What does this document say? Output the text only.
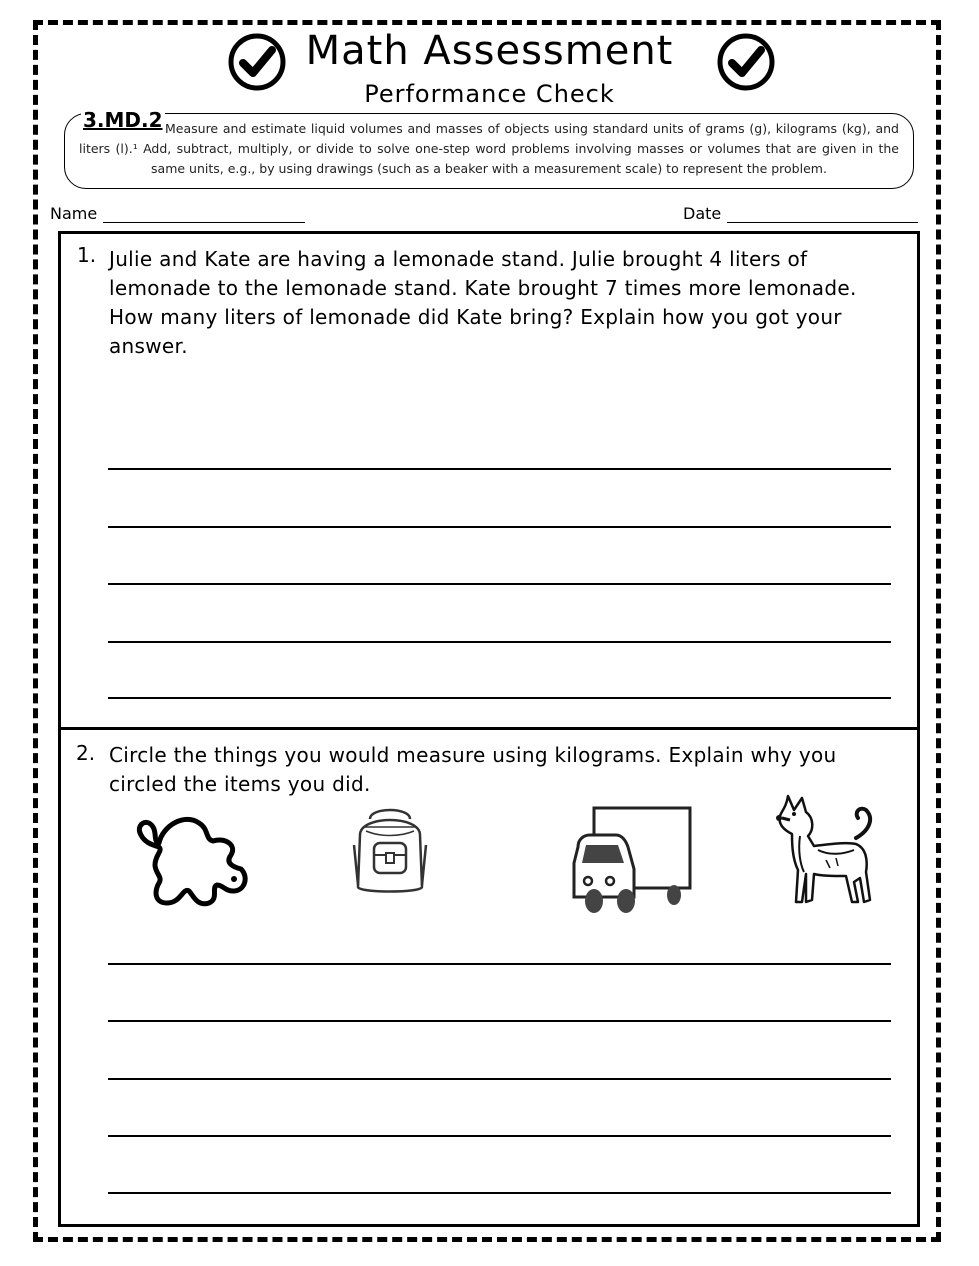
Math Assessment
Performance Check
3.MD.2 Measure and estimate liquid volumes and masses of objects using standard units of grams (g), kilograms (kg), and liters (l).¹ Add, subtract, multiply, or divide to solve one-step word problems involving masses or volumes that are given in the same units, e.g., by using drawings (such as a beaker with a measurement scale) to represent the problem.
Name	Date
1. Julie and Kate are having a lemonade stand. Julie brought 4 liters of lemonade to the lemonade stand. Kate brought 7 times more lemonade. How many liters of lemonade did Kate bring? Explain how you got your answer.
2. Circle the things you would measure using kilograms. Explain why you circled the items you did.
